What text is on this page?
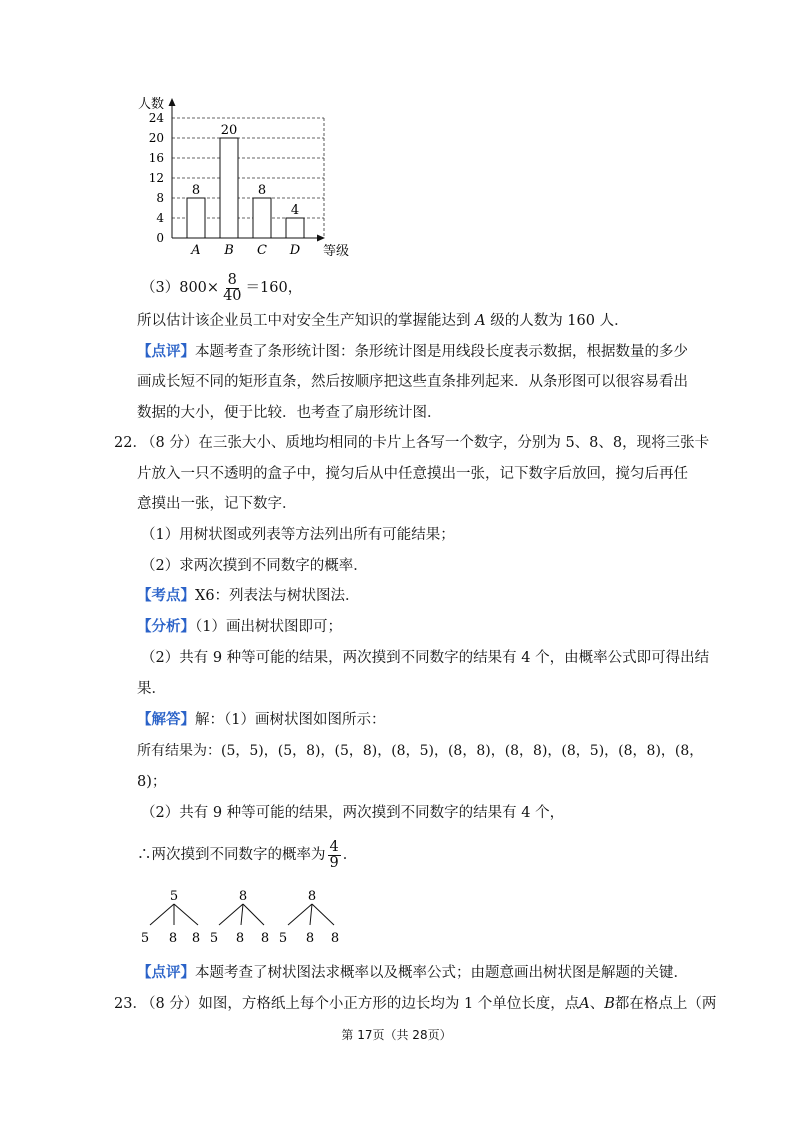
0
4
8
12
16
20
24
A B C D
8
20
8
4
人数
等级
$(3)800\times \frac{8}{40} =160$，
所以估计该企业员工中对安全生产知识的掌握能达到 A 级的人数为 160 人．
【点评】本题考查了条形统计图：条形统计图是用线段长度表示数据，根据数量的多少
画成长短不同的矩形直条，然后按顺序把这些直条排列起来．从条形图可以很容易看出
数据的大小，便于比较．也考查了扇形统计图．
22．
（8 分）在三张大小、质地均相同的卡片上各写一个数字，分别为 5、8、8，现将三张卡
片放入一只不透明的盒子中，搅匀后从中任意摸出一张，记下数字后放回，搅匀后再任
意摸出一张，记下数字．
（1）用树状图或列表等方法列出所有可能结果；
（2）求两次摸到不同数字的概率．
【考点】X6：列表法与树状图法．
【分析】（1）画出树状图即可；
（2）共有 9 种等可能的结果，两次摸到不同数字的结果有 4 个，由概率公式即可得出结
果．
【解答】解：（1）画树状图如图所示：
所有结果为：(5，5)，(5，8)，(5，8)，(8，5)，(8，8)，(8，8)，(8，5)，(8，8)，(8，
8)；
（2）共有 9 种等可能的结果，两次摸到不同数字的结果有 4 个，
∴两次摸到不同数字的概率为 $\frac{4}{9}$ ．
5
5 8 8
8
5 8 8
8
5 8 8
【点评】本题考查了树状图法求概率以及概率公式；由题意画出树状图是解题的关键．
23．
（8 分）如图，方格纸上每个小正方形的边长均为 1 个单位长度，点A、B都在格点上（两
第 17页（共 28页）
